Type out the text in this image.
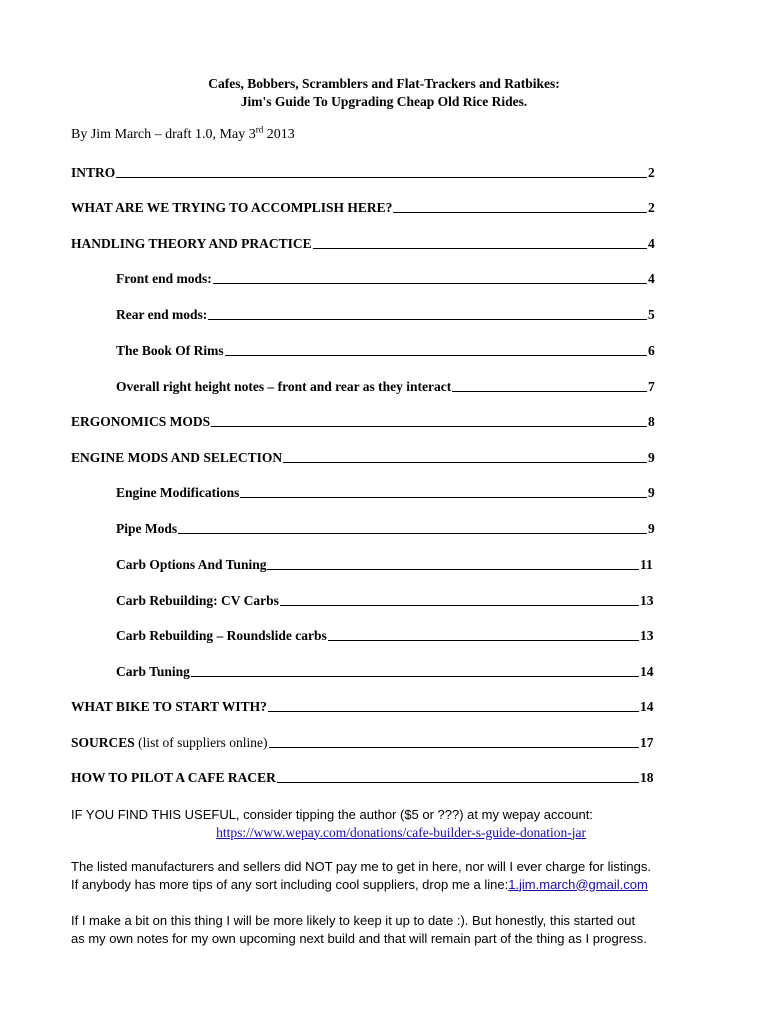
Cafes, Bobbers, Scramblers and Flat-Trackers and Ratbikes:
Jim's Guide To Upgrading Cheap Old Rice Rides.
By Jim March – draft 1.0, May 3rd 2013
INTRO	2
WHAT ARE WE TRYING TO ACCOMPLISH HERE?	2
HANDLING THEORY AND PRACTICE	4
Front end mods:	4
Rear end mods:	5
The Book Of Rims	6
Overall right height notes – front and rear as they interact	7
ERGONOMICS MODS	8
ENGINE MODS AND SELECTION	9
Engine Modifications	9
Pipe Mods	9
Carb Options And Tuning	11
Carb Rebuilding: CV Carbs	13
Carb Rebuilding – Roundslide carbs	13
Carb Tuning	14
WHAT BIKE TO START WITH?	14
SOURCES (list of suppliers online)	17
HOW TO PILOT A CAFE RACER	18
IF YOU FIND THIS USEFUL, consider tipping the author ($5 or ???) at my wepay account:
https://www.wepay.com/donations/cafe-builder-s-guide-donation-jar
The listed manufacturers and sellers did NOT pay me to get in here, nor will I ever charge for listings.
If anybody has more tips of any sort including cool suppliers, drop me a line:1.jim.march@gmail.com
If I make a bit on this thing I will be more likely to keep it up to date :). But honestly, this started out
as my own notes for my own upcoming next build and that will remain part of the thing as I progress.
